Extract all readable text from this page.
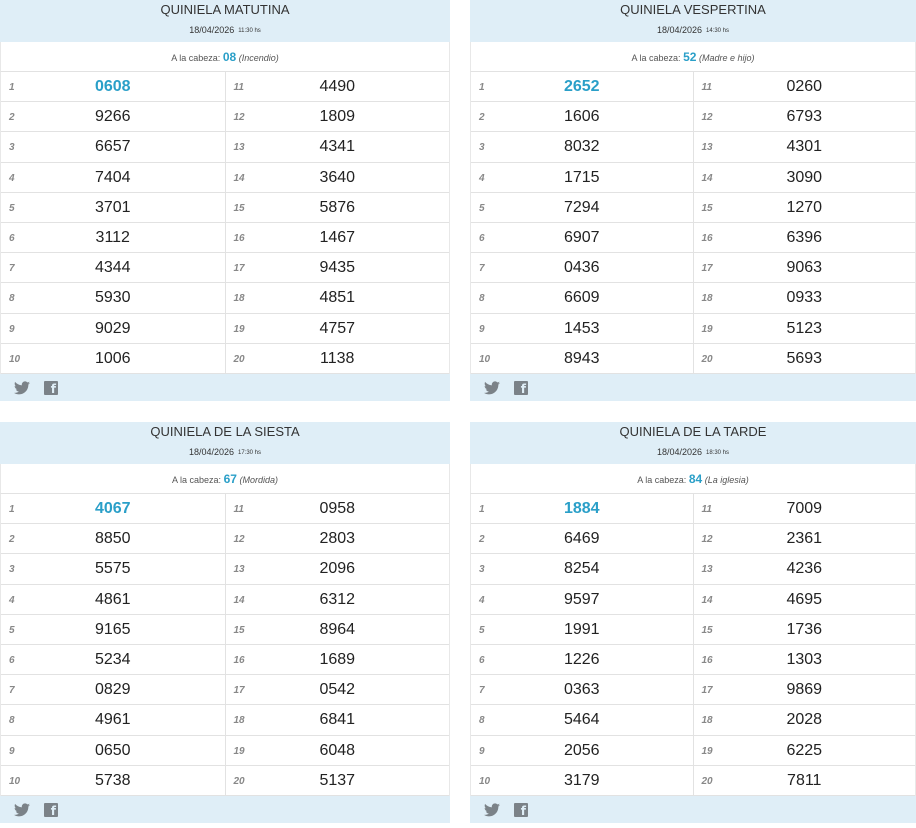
QUINIELA MATUTINA
18/04/2026 11:30 hs
A la cabeza: 08 (Incendio)
1	0608	11	4490
2	9266	12	1809
3	6657	13	4341
4	7404	14	3640
5	3701	15	5876
6	3112	16	1467
7	4344	17	9435
8	5930	18	4851
9	9029	19	4757
10	1006	20	1138
f
QUINIELA VESPERTINA
18/04/2026 14:30 hs
A la cabeza: 52 (Madre e hijo)
1	2652	11	0260
2	1606	12	6793
3	8032	13	4301
4	1715	14	3090
5	7294	15	1270
6	6907	16	6396
7	0436	17	9063
8	6609	18	0933
9	1453	19	5123
10	8943	20	5693
f
QUINIELA DE LA SIESTA
18/04/2026 17:30 hs
A la cabeza: 67 (Mordida)
1	4067	11	0958
2	8850	12	2803
3	5575	13	2096
4	4861	14	6312
5	9165	15	8964
6	5234	16	1689
7	0829	17	0542
8	4961	18	6841
9	0650	19	6048
10	5738	20	5137
f
QUINIELA DE LA TARDE
18/04/2026 18:30 hs
A la cabeza: 84 (La iglesia)
1	1884	11	7009
2	6469	12	2361
3	8254	13	4236
4	9597	14	4695
5	1991	15	1736
6	1226	16	1303
7	0363	17	9869
8	5464	18	2028
9	2056	19	6225
10	3179	20	7811
f
